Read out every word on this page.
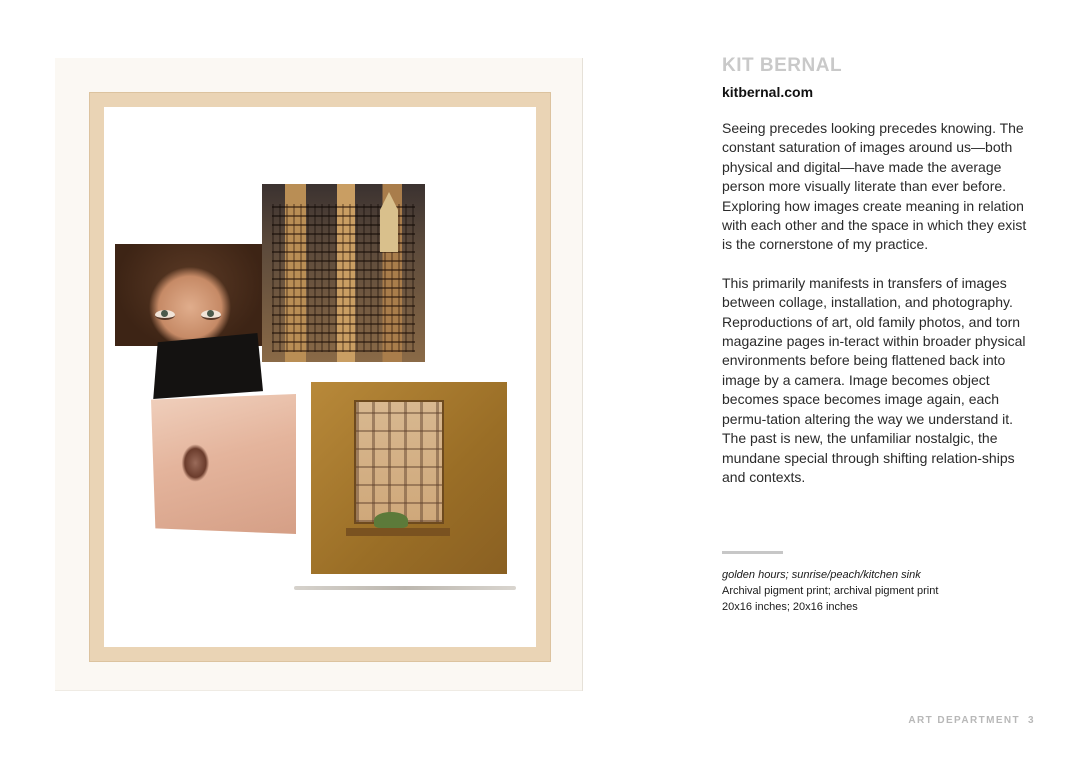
KIT BERNAL
kitbernal.com

Seeing precedes looking precedes knowing. The constant saturation of images around us—both physical and digital—have made the average person more visually literate than ever before. Exploring how images create meaning in relation with each other and the space in which they exist is the cornerstone of my practice.

This primarily manifests in transfers of images between collage, installation, and photography. Reproductions of art, old family photos, and torn magazine pages in-teract within broader physical environments before being flattened back into image by a camera. Image becomes object becomes space becomes image again, each permu-tation altering the way we understand it. The past is new, the unfamiliar nostalgic, the mundane special through shifting relation-ships and contexts.

golden hours; sunrise/peach/kitchen sink
Archival pigment print; archival pigment print
20x16 inches; 20x16 inches
ART DEPARTMENT 3
